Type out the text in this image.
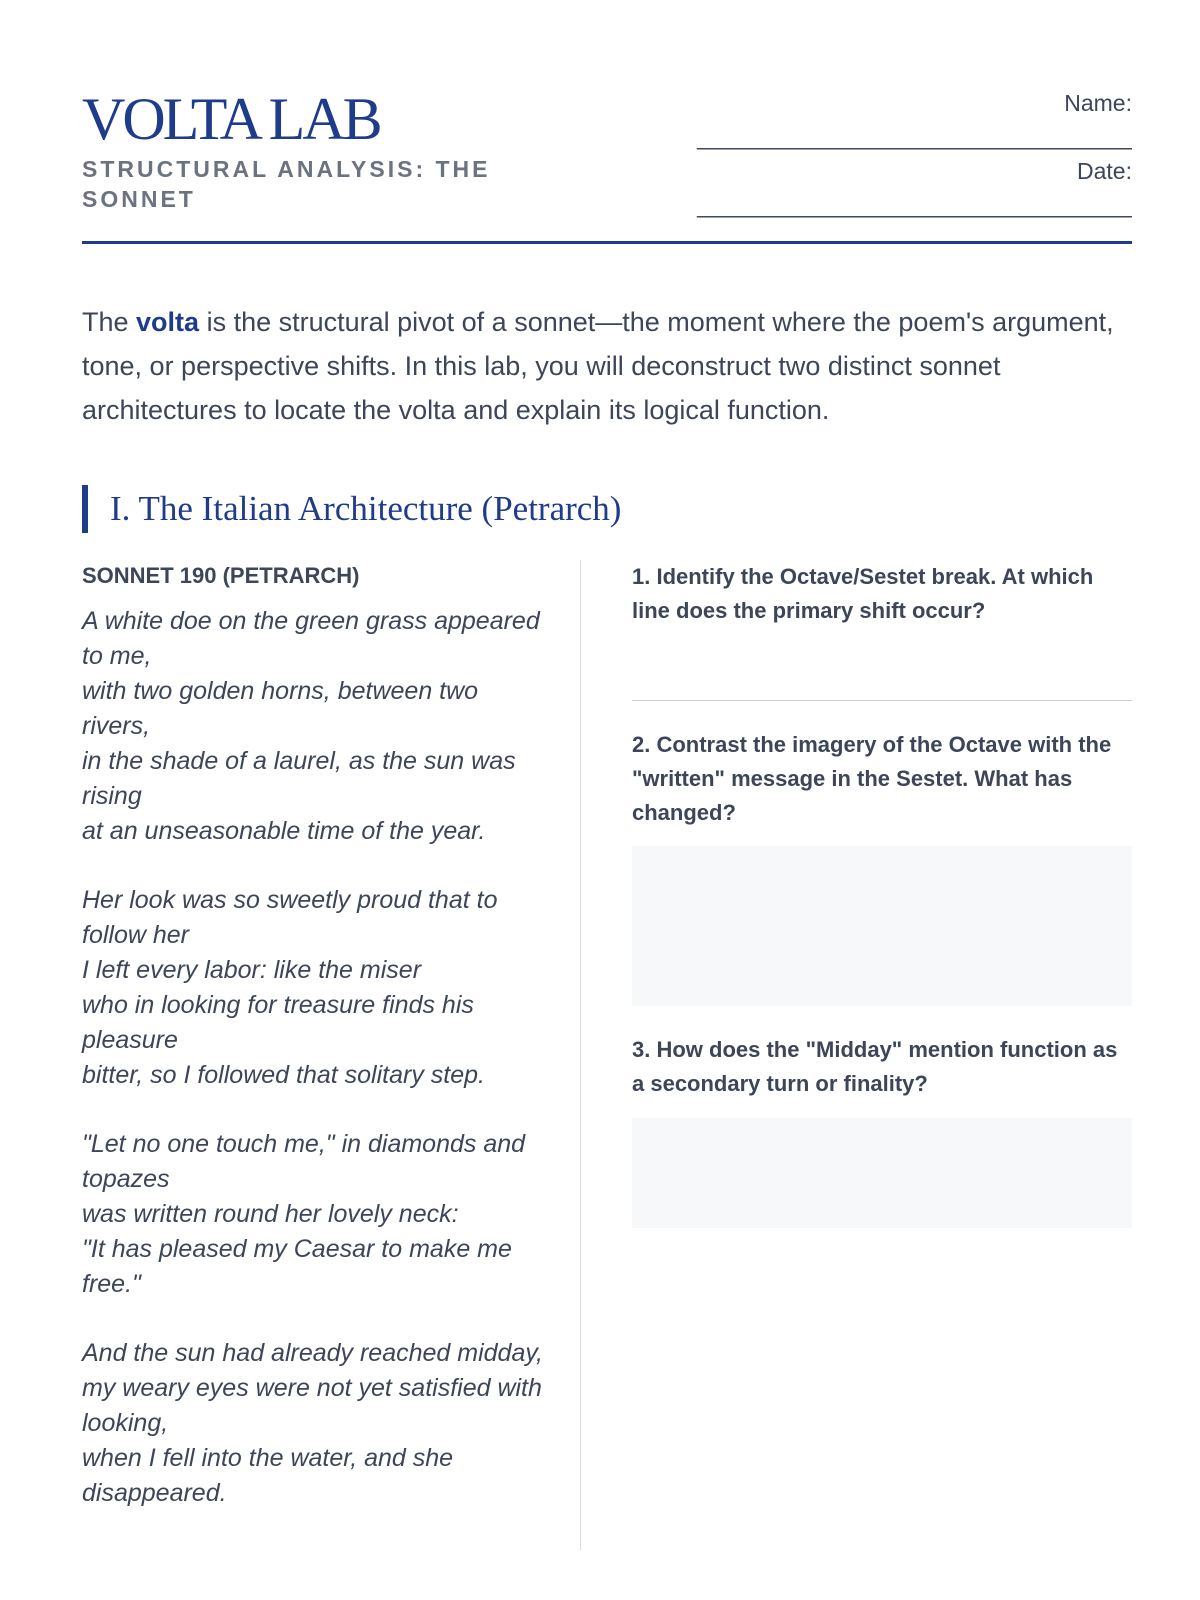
VOLTA LAB
STRUCTURAL ANALYSIS: THE SONNET
Name:
__________________________________
Date:
__________________________________
The volta is the structural pivot of a sonnet—the moment where the poem's argument, tone, or perspective shifts. In this lab, you will deconstruct two distinct sonnet architectures to locate the volta and explain its logical function.
I. The Italian Architecture (Petrarch)
SONNET 190 (PETRARCH)
A white doe on the green grass appeared to me,
with two golden horns, between two rivers,
in the shade of a laurel, as the sun was rising
at an unseasonable time of the year.
Her look was so sweetly proud that to follow her
I left every labor: like the miser
who in looking for treasure finds his pleasure
bitter, so I followed that solitary step.
"Let no one touch me," in diamonds and topazes
was written round her lovely neck:
"It has pleased my Caesar to make me free."
And the sun had already reached midday,
my weary eyes were not yet satisfied with looking,
when I fell into the water, and she disappeared.
1. Identify the Octave/Sestet break. At which line does the primary shift occur?
2. Contrast the imagery of the Octave with the "written" message in the Sestet. What has changed?
3. How does the "Midday" mention function as a secondary turn or finality?
